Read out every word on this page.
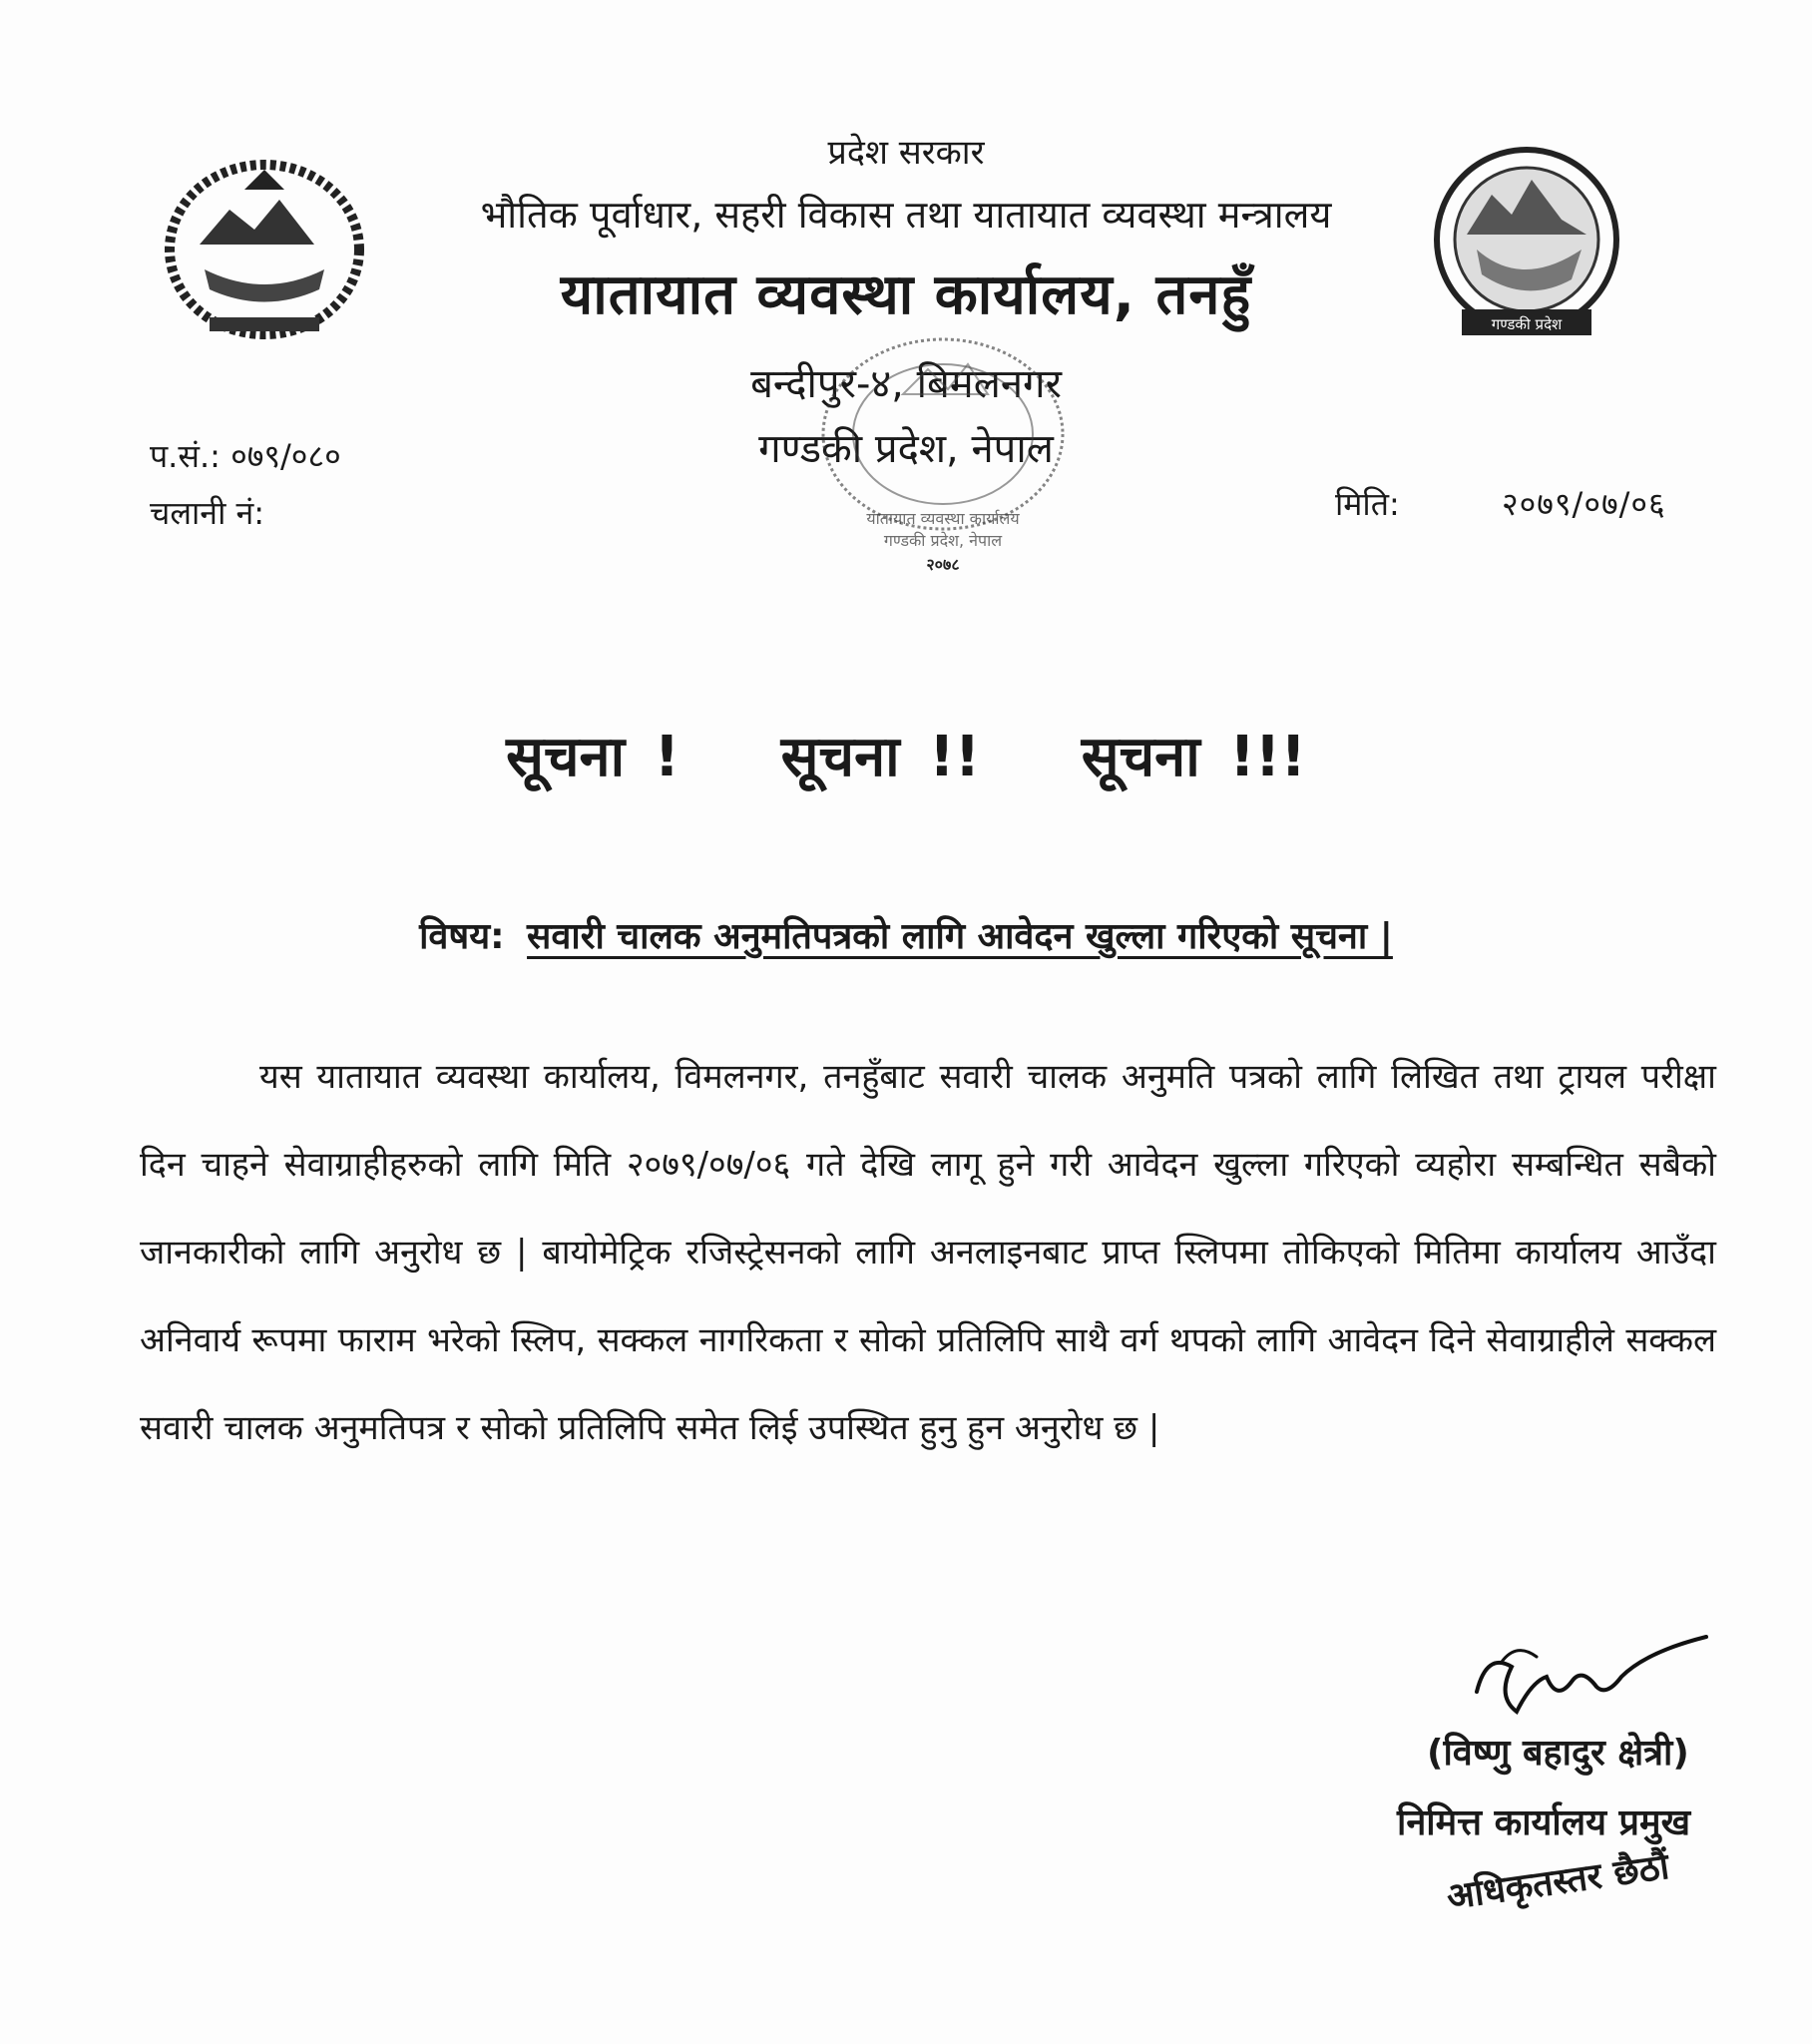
गण्डकी प्रदेश
प्रदेश सरकार
भौतिक पूर्वाधार, सहरी विकास तथा यातायात व्यवस्था मन्त्रालय
यातायात व्यवस्था कार्यालय, तनहुँ
बन्दीपुर-४, बिमलनगर
गण्डकी प्रदेश, नेपाल
यातायात व्यवस्था कार्यालय
गण्डकी प्रदेश, नेपाल
२०७८
प.सं.: ०७९/०८०
चलानी नं:	मिति:	२०७९/०७/०६
सूचना ! सूचना !! सूचना !!!
विषय: सवारी चालक अनुमतिपत्रको लागि आवेदन खुल्ला गरिएको सूचना |
यस यातायात व्यवस्था कार्यालय, विमलनगर, तनहुँबाट सवारी चालक अनुमति पत्रको लागि लिखित तथा ट्रायल परीक्षा दिन चाहने सेवाग्राहीहरुको लागि मिति २०७९/०७/०६ गते देखि लागू हुने गरी आवेदन खुल्ला गरिएको व्यहोरा सम्बन्धित सबैको जानकारीको लागि अनुरोध छ | बायोमेट्रिक रजिस्ट्रेसनको लागि अनलाइनबाट प्राप्त स्लिपमा तोकिएको मितिमा कार्यालय आउँदा अनिवार्य रूपमा फाराम भरेको स्लिप, सक्कल नागरिकता र सोको प्रतिलिपि साथै वर्ग थपको लागि आवेदन दिने सेवाग्राहीले सक्कल सवारी चालक अनुमतिपत्र र सोको प्रतिलिपि समेत लिई उपस्थित हुनु हुन अनुरोध छ |
(विष्णु बहादुर क्षेत्री)
निमित्त कार्यालय प्रमुख
अधिकृतस्तर छैठौं
